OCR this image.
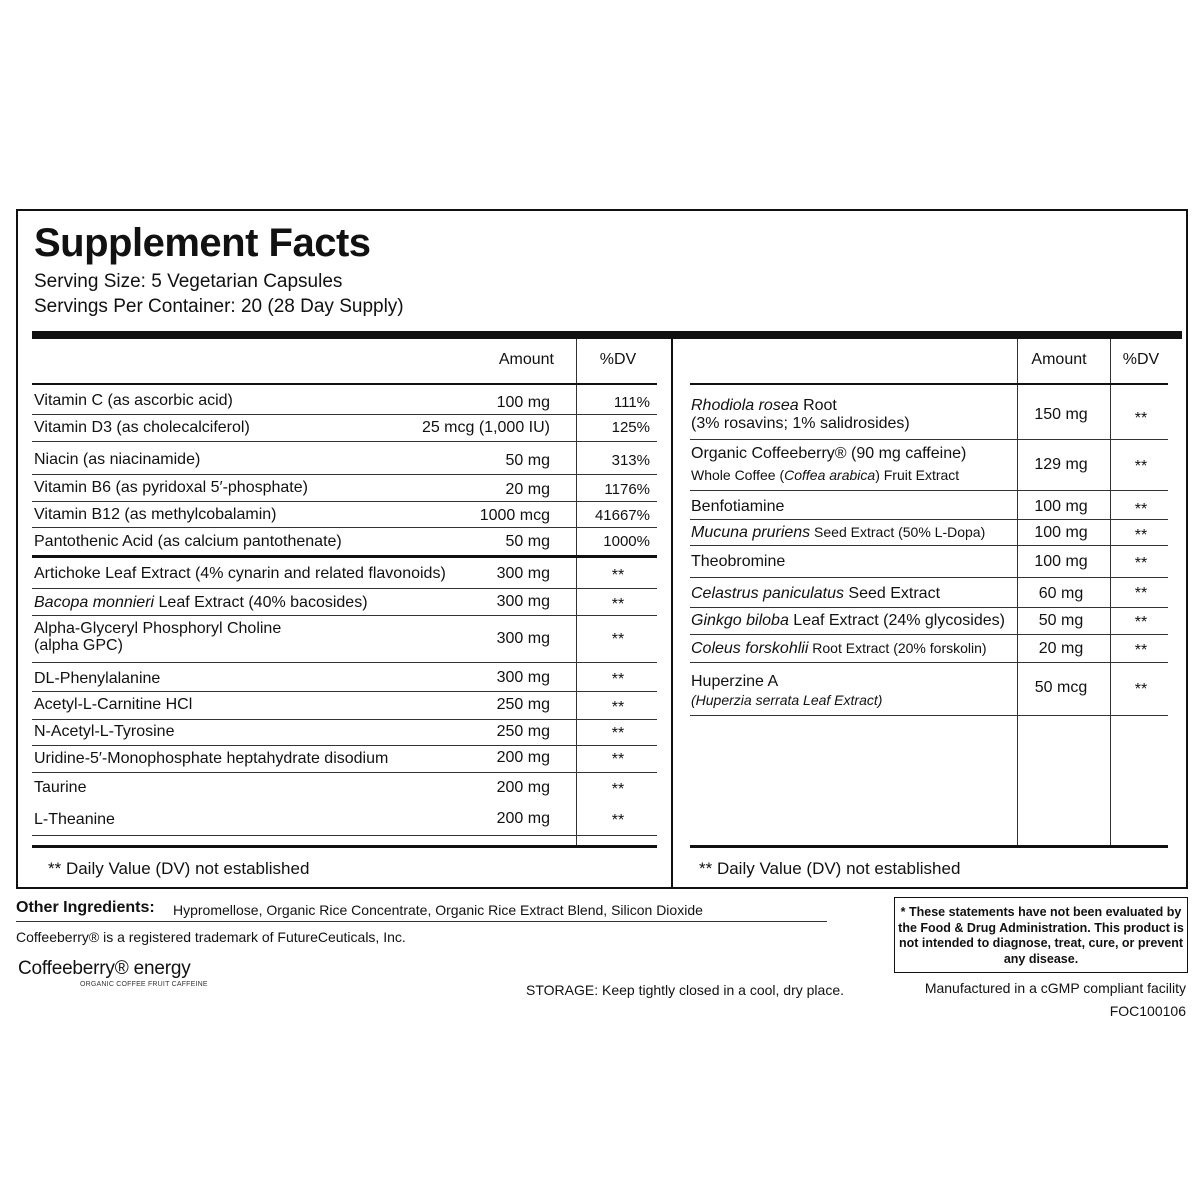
Supplement Facts
Serving Size: 5 Vegetarian Capsules
Servings Per Container: 20 (28 Day Supply)
Amount	%DV
Vitamin C (as ascorbic acid)	100 mg	111%
Vitamin D3 (as cholecalciferol)	25 mcg (1,000 IU)	125%
Niacin (as niacinamide)	50 mg	313%
Vitamin B6 (as pyridoxal 5′-phosphate)	20 mg	1176%
Vitamin B12 (as methylcobalamin)	1000 mcg	41667%
Pantothenic Acid (as calcium pantothenate)	50 mg	1000%
Artichoke Leaf Extract (4% cynarin and related flavonoids)	300 mg	**
Bacopa monnieri Leaf Extract (40% bacosides)	300 mg	**
Alpha-Glyceryl Phosphoryl Choline
(alpha GPC)	300 mg	**
DL-Phenylalanine	300 mg	**
Acetyl-L-Carnitine HCl	250 mg	**
N-Acetyl-L-Tyrosine	250 mg	**
Uridine-5′-Monophosphate heptahydrate disodium	200 mg	**
Taurine	200 mg	**
L-Theanine	200 mg	**
Amount	%DV
Rhodiola rosea Root
(3% rosavins; 1% salidrosides)
150 mg	**
Organic Coffeeberry® (90 mg caffeine)
Whole Coffee (Coffea arabica) Fruit Extract
129 mg	**
Benfotiamine	100 mg	**
Mucuna pruriens Seed Extract (50% L-Dopa)	100 mg	**
Theobromine	100 mg	**
Celastrus paniculatus Seed Extract	60 mg	**
Ginkgo biloba Leaf Extract (24% glycosides)	50 mg	**
Coleus forskohlii Root Extract (20% forskolin)	20 mg	**
Huperzine A
(Huperzia serrata Leaf Extract)
50 mcg	**
** Daily Value (DV) not established	** Daily Value (DV) not established
Other Ingredients: Hypromellose, Organic Rice Concentrate, Organic Rice Extract Blend, Silicon Dioxide
Coffeeberry® is a registered trademark of FutureCeuticals, Inc.
Coffeeberry® energy
ORGANIC COFFEE FRUIT CAFFEINE	STORAGE: Keep tightly closed in a cool, dry place.
* These statements have not been evaluated by the Food & Drug Administration. This product is not intended to diagnose, treat, cure, or prevent any disease.
Manufactured in a cGMP compliant facility
FOC100106
